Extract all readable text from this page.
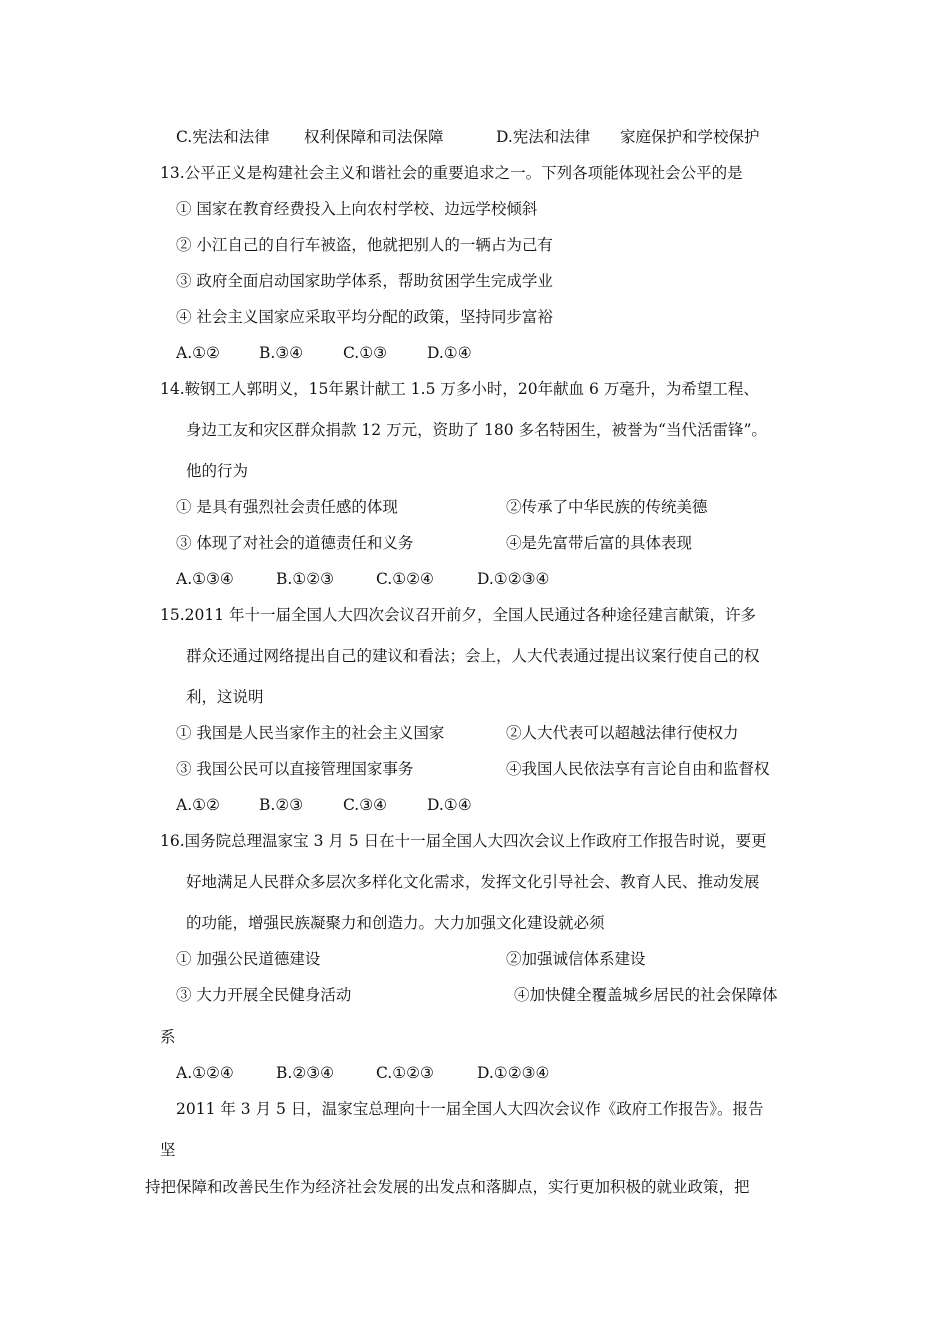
C.宪法和法律 权利保障和司法保障	D.宪法和法律 家庭保护和学校保护
13.公平正义是构建社会主义和谐社会的重要追求之一。下列各项能体现社会公平的是
① 国家在教育经费投入上向农村学校、边远学校倾斜
② 小江自己的自行车被盗，他就把别人的一辆占为己有
③ 政府全面启动国家助学体系，帮助贫困学生完成学业
④ 社会主义国家应采取平均分配的政策，坚持同步富裕
A.①②	B.③④	C.①③	D.①④
14.鞍钢工人郭明义，15年累计献工 1.5 万多小时，20年献血 6 万毫升，为希望工程、
身边工友和灾区群众捐款 12 万元，资助了 180 多名特困生，被誉为“当代活雷锋”。
他的行为
① 是具有强烈社会责任感的体现	②传承了中华民族的传统美德
③ 体现了对社会的道德责任和义务	④是先富带后富的具体表现
A.①③④	B.①②③	C.①②④	D.①②③④
15.2011 年十一届全国人大四次会议召开前夕，全国人民通过各种途径建言献策，许多
群众还通过网络提出自己的建议和看法；会上，人大代表通过提出议案行使自己的权
利，这说明
① 我国是人民当家作主的社会主义国家	②人大代表可以超越法律行使权力
③ 我国公民可以直接管理国家事务	④我国人民依法享有言论自由和监督权
A.①②	B.②③	C.③④	D.①④
16.国务院总理温家宝 3 月 5 日在十一届全国人大四次会议上作政府工作报告时说，要更
好地满足人民群众多层次多样化文化需求，发挥文化引导社会、教育人民、推动发展
的功能，增强民族凝聚力和创造力。大力加强文化建设就必须
① 加强公民道德建设	②加强诚信体系建设
③ 大力开展全民健身活动	④加快健全覆盖城乡居民的社会保障体
系
A.①②④	B.②③④	C.①②③	D.①②③④
2011 年 3 月 5 日，温家宝总理向十一届全国人大四次会议作《政府工作报告》。报告
坚
持把保障和改善民生作为经济社会发展的出发点和落脚点，实行更加积极的就业政策，把
